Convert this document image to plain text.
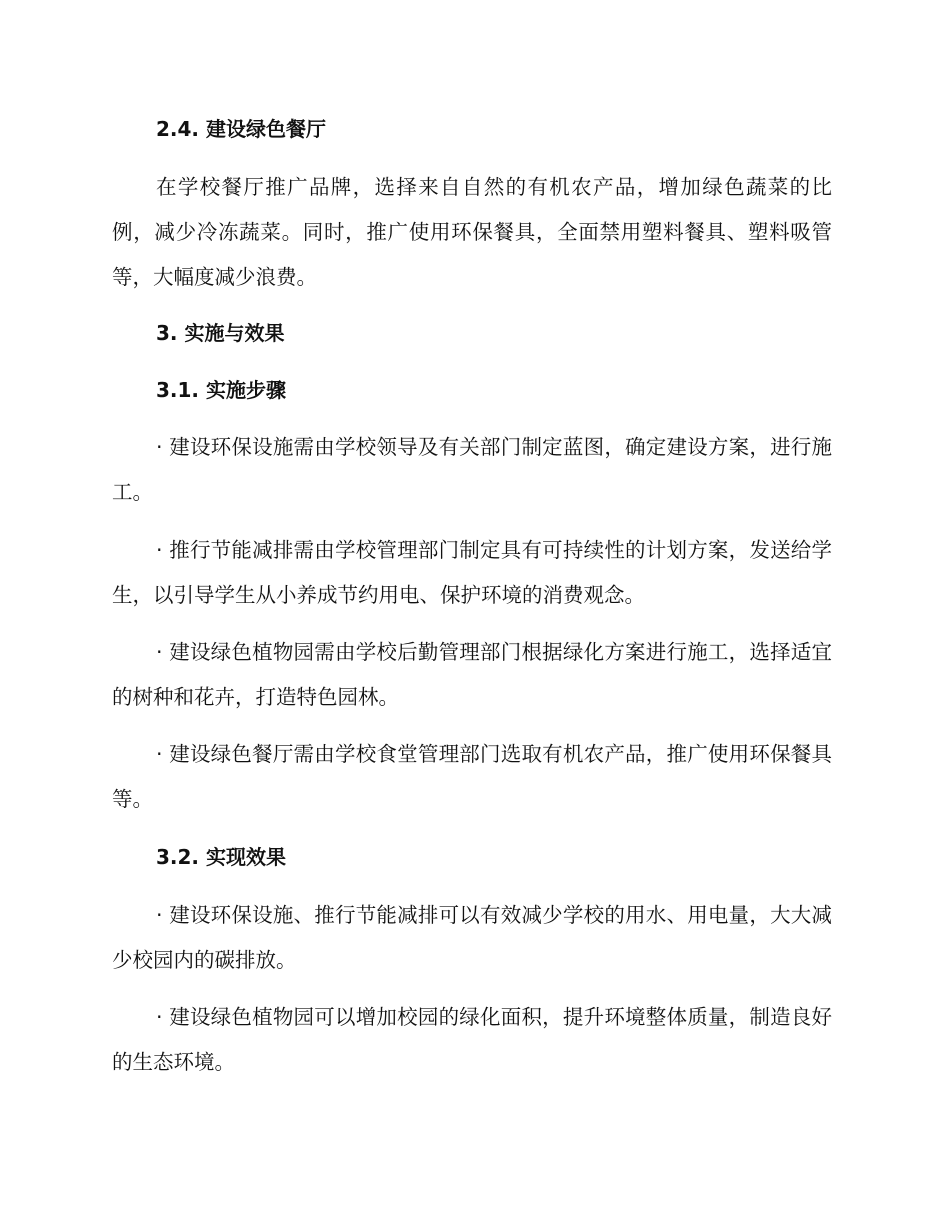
2.4. 建设绿色餐厅

在学校餐厅推广品牌，选择来自自然的有机农产品，增加绿色蔬菜的比例，减少冷冻蔬菜。同时，推广使用环保餐具，全面禁用塑料餐具、塑料吸管等，大幅度减少浪费。

3. 实施与效果
3.1. 实施步骤

· 建设环保设施需由学校领导及有关部门制定蓝图，确定建设方案，进行施工。

· 推行节能减排需由学校管理部门制定具有可持续性的计划方案，发送给学生，以引导学生从小养成节约用电、保护环境的消费观念。

· 建设绿色植物园需由学校后勤管理部门根据绿化方案进行施工，选择适宜的树种和花卉，打造特色园林。

· 建设绿色餐厅需由学校食堂管理部门选取有机农产品，推广使用环保餐具等。

3.2. 实现效果

· 建设环保设施、推行节能减排可以有效减少学校的用水、用电量，大大减少校园内的碳排放。

· 建设绿色植物园可以增加校园的绿化面积，提升环境整体质量，制造良好的生态环境。
